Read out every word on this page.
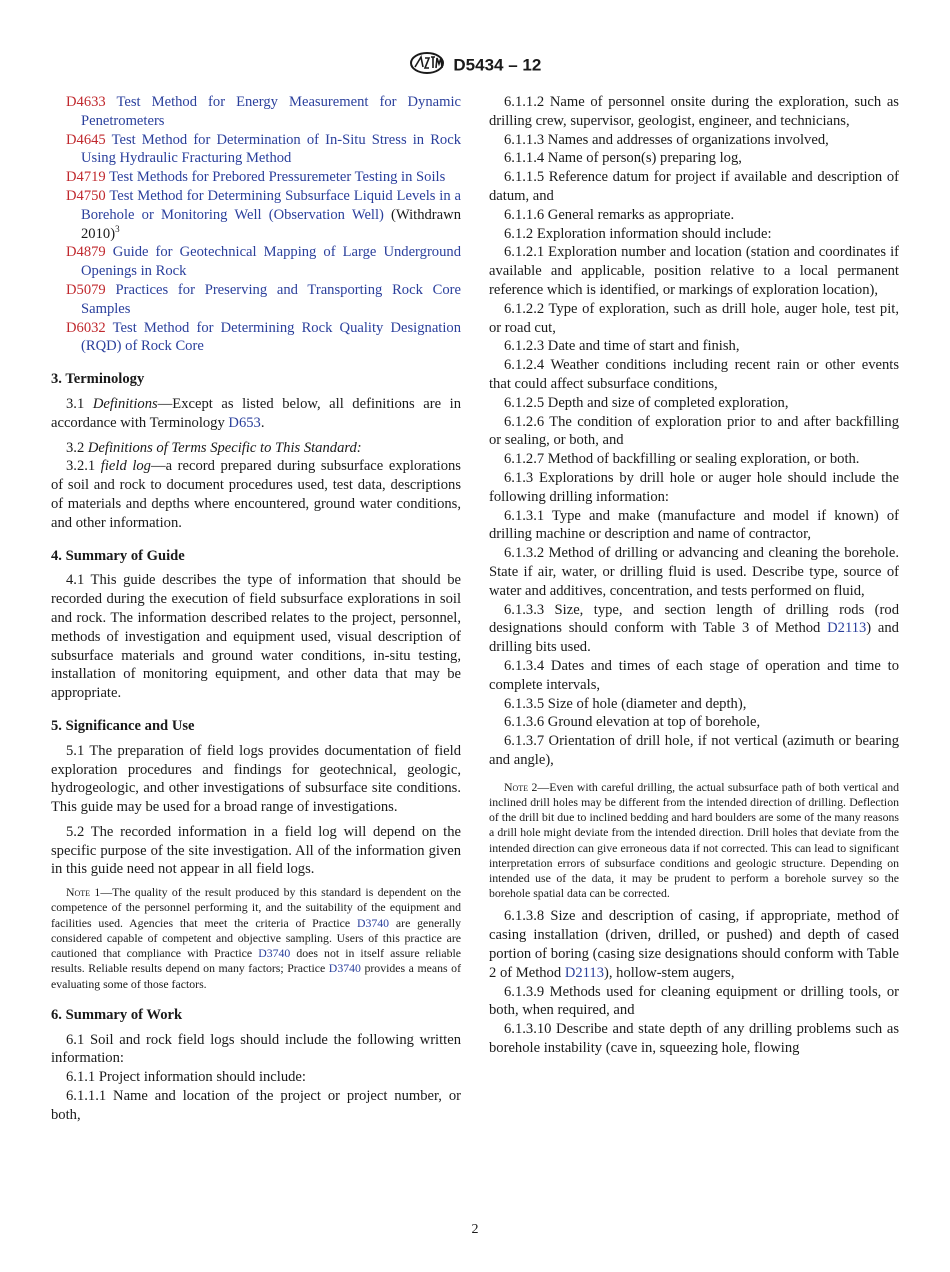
D5434 – 12

D4633 Test Method for Energy Measurement for Dynamic Penetrometers

D4645 Test Method for Determination of In-Situ Stress in Rock Using Hydraulic Fracturing Method

D4719 Test Methods for Prebored Pressuremeter Testing in Soils

D4750 Test Method for Determining Subsurface Liquid Levels in a Borehole or Monitoring Well (Observation Well) (Withdrawn 2010)$^3$

D4879 Guide for Geotechnical Mapping of Large Underground Openings in Rock

D5079 Practices for Preserving and Transporting Rock Core Samples

D6032 Test Method for Determining Rock Quality Designation (RQD) of Rock Core

3. Terminology

3.1 Definitions—Except as listed below, all definitions are in accordance with Terminology D653.

3.2 Definitions of Terms Specific to This Standard:

3.2.1 field log—a record prepared during subsurface explorations of soil and rock to document procedures used, test data, descriptions of materials and depths where encountered, ground water conditions, and other information.

4. Summary of Guide

4.1 This guide describes the type of information that should be recorded during the execution of field subsurface explorations in soil and rock. The information described relates to the project, personnel, methods of investigation and equipment used, visual description of subsurface materials and ground water conditions, in-situ testing, installation of monitoring equipment, and other data that may be appropriate.

5. Significance and Use

5.1 The preparation of field logs provides documentation of field exploration procedures and findings for geotechnical, geologic, hydrogeologic, and other investigations of subsurface site conditions. This guide may be used for a broad range of investigations.

5.2 The recorded information in a field log will depend on the specific purpose of the site investigation. All of the information given in this guide need not appear in all field logs.

Note 1—The quality of the result produced by this standard is dependent on the competence of the personnel performing it, and the suitability of the equipment and facilities used. Agencies that meet the criteria of Practice D3740 are generally considered capable of competent and objective sampling. Users of this practice are cautioned that compliance with Practice D3740 does not in itself assure reliable results. Reliable results depend on many factors; Practice D3740 provides a means of evaluating some of those factors.

6. Summary of Work

6.1 Soil and rock field logs should include the following written information:

6.1.1 Project information should include:

6.1.1.1 Name and location of the project or project number, or both,

6.1.1.2 Name of personnel onsite during the exploration, such as drilling crew, supervisor, geologist, engineer, and technicians,

6.1.1.3 Names and addresses of organizations involved,

6.1.1.4 Name of person(s) preparing log,

6.1.1.5 Reference datum for project if available and description of datum, and

6.1.1.6 General remarks as appropriate.

6.1.2 Exploration information should include:

6.1.2.1 Exploration number and location (station and coordinates if available and applicable, position relative to a local permanent reference which is identified, or markings of exploration location),

6.1.2.2 Type of exploration, such as drill hole, auger hole, test pit, or road cut,

6.1.2.3 Date and time of start and finish,

6.1.2.4 Weather conditions including recent rain or other events that could affect subsurface conditions,

6.1.2.5 Depth and size of completed exploration,

6.1.2.6 The condition of exploration prior to and after backfilling or sealing, or both, and

6.1.2.7 Method of backfilling or sealing exploration, or both.

6.1.3 Explorations by drill hole or auger hole should include the following drilling information:

6.1.3.1 Type and make (manufacture and model if known) of drilling machine or description and name of contractor,

6.1.3.2 Method of drilling or advancing and cleaning the borehole. State if air, water, or drilling fluid is used. Describe type, source of water and additives, concentration, and tests performed on fluid,

6.1.3.3 Size, type, and section length of drilling rods (rod designations should conform with Table 3 of Method D2113) and drilling bits used.

6.1.3.4 Dates and times of each stage of operation and time to complete intervals,

6.1.3.5 Size of hole (diameter and depth),

6.1.3.6 Ground elevation at top of borehole,

6.1.3.7 Orientation of drill hole, if not vertical (azimuth or bearing and angle),

Note 2—Even with careful drilling, the actual subsurface path of both vertical and inclined drill holes may be different from the intended direction of drilling. Deflection of the drill bit due to inclined bedding and hard boulders are some of the many reasons a drill hole might deviate from the intended direction. Drill holes that deviate from the intended direction can give erroneous data if not corrected. This can lead to significant interpretation errors of subsurface conditions and geologic structure. Depending on intended use of the data, it may be prudent to perform a borehole survey so the borehole spatial data can be corrected.

6.1.3.8 Size and description of casing, if appropriate, method of casing installation (driven, drilled, or pushed) and depth of cased portion of boring (casing size designations should conform with Table 2 of Method D2113), hollow-stem augers,

6.1.3.9 Methods used for cleaning equipment or drilling tools, or both, when required, and

6.1.3.10 Describe and state depth of any drilling problems such as borehole instability (cave in, squeezing hole, flowing

2
